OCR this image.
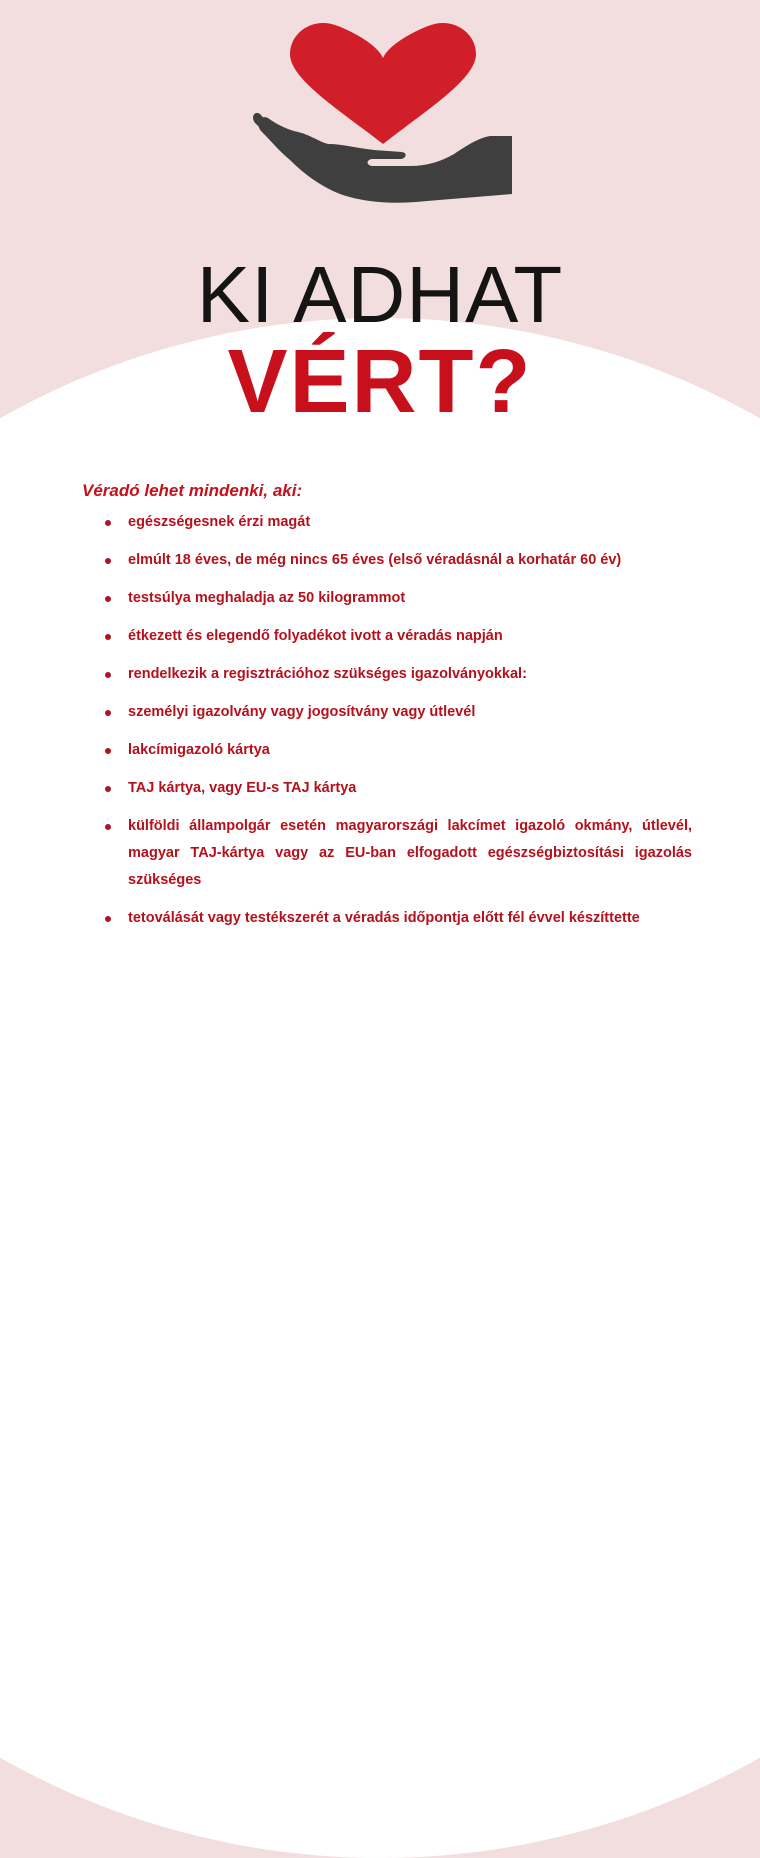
KI ADHAT
VÉRT?
Véradó lehet mindenki, aki:
egészségesnek érzi magát
elmúlt 18 éves, de még nincs 65 éves (első véradásnál a korhatár 60 év)
testsúlya meghaladja az 50 kilogrammot
étkezett és elegendő folyadékot ivott a véradás napján
rendelkezik a regisztrációhoz szükséges igazolványokkal:
személyi igazolvány vagy jogosítvány vagy útlevél
lakcímigazoló kártya
TAJ kártya, vagy EU-s TAJ kártya
külföldi állampolgár esetén magyarországi lakcímet igazoló okmány, útlevél, magyar TAJ-kártya vagy az EU-ban elfogadott egészségbiztosítási igazolás szükséges
tetoválását vagy testékszerét a véradás időpontja előtt fél évvel készíttette
